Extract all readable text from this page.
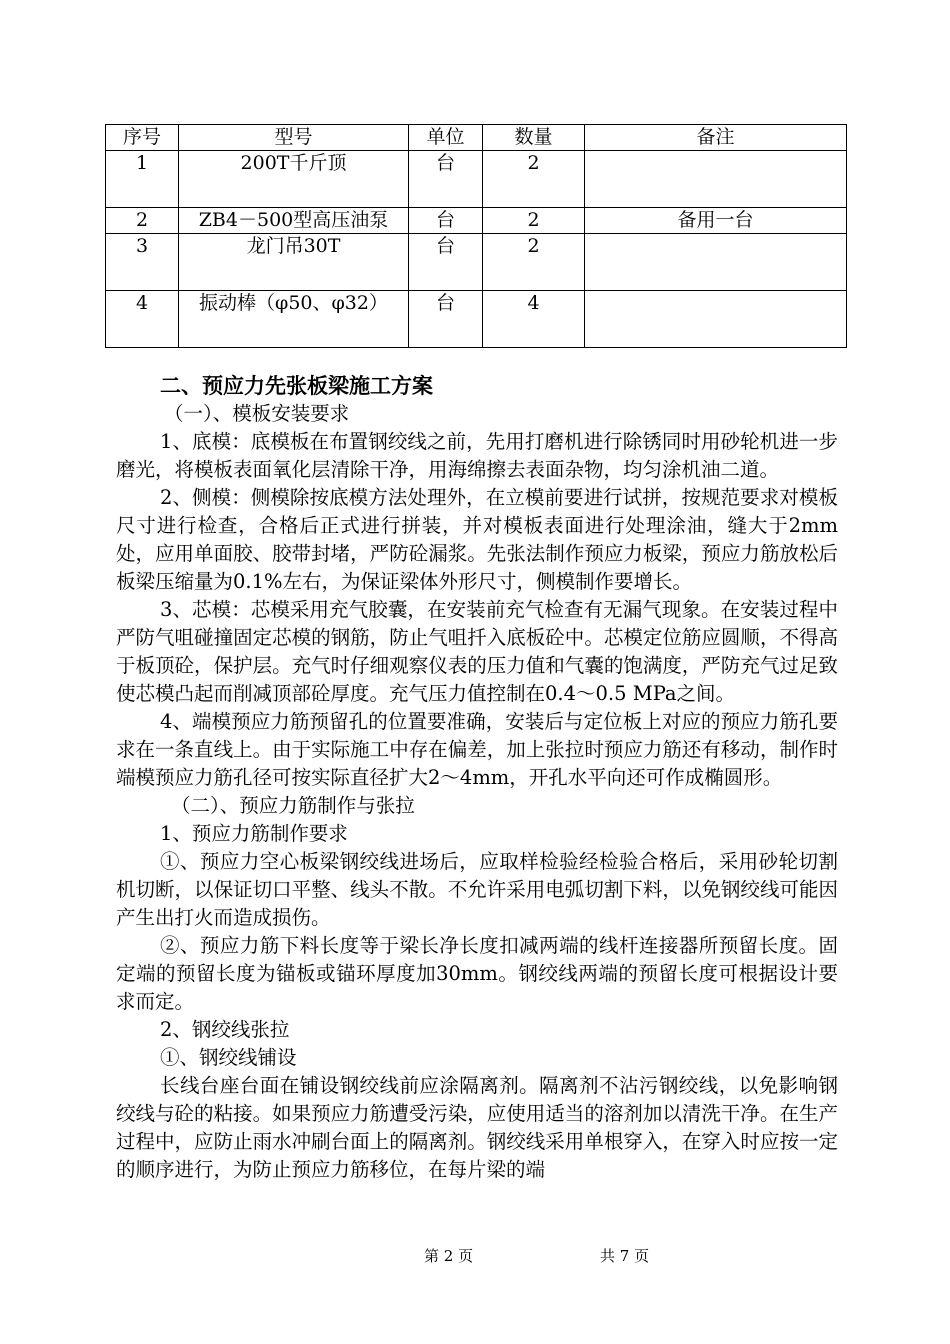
序号	型号	单位	数量	备注
1	200T千斤顶	台	2	
2	ZB4－500型高压油泵	台	2	备用一台
3	龙门吊30T	台	2	
4	振动棒（φ50、φ32）	台	4	

二、预应力先张板梁施工方案

（一）、模板安装要求

1、底模：底模板在布置钢绞线之前，先用打磨机进行除锈同时用砂轮机进一步磨光，将模板表面氧化层清除干净，用海绵擦去表面杂物，均匀涂机油二道。

2、侧模：侧模除按底模方法处理外，在立模前要进行试拼，按规范要求对模板尺寸进行检查，合格后正式进行拼装，并对模板表面进行处理涂油，缝大于2mm处，应用单面胶、胶带封堵，严防砼漏浆。先张法制作预应力板梁，预应力筋放松后板梁压缩量为0.1%左右，为保证梁体外形尺寸，侧模制作要增长。

3、芯模：芯模采用充气胶囊，在安装前充气检查有无漏气现象。在安装过程中严防气咀碰撞固定芯模的钢筋，防止气咀扦入底板砼中。芯模定位筋应圆顺，不得高于板顶砼，保护层。充气时仔细观察仪表的压力值和气囊的饱满度，严防充气过足致使芯模凸起而削减顶部砼厚度。充气压力值控制在0.4～0.5 MPa之间。

4、端模预应力筋预留孔的位置要准确，安装后与定位板上对应的预应力筋孔要求在一条直线上。由于实际施工中存在偏差，加上张拉时预应力筋还有移动，制作时端模预应力筋孔径可按实际直径扩大2～4mm，开孔水平向还可作成椭圆形。

（二）、预应力筋制作与张拉

1、预应力筋制作要求

①、预应力空心板梁钢绞线进场后，应取样检验经检验合格后，采用砂轮切割机切断，以保证切口平整、线头不散。不允许采用电弧切割下料，以免钢绞线可能因产生出打火而造成损伤。

②、预应力筋下料长度等于梁长净长度扣减两端的线杆连接器所预留长度。固定端的预留长度为锚板或锚环厚度加30mm。钢绞线两端的预留长度可根据设计要求而定。

2、钢绞线张拉

①、钢绞线铺设

长线台座台面在铺设钢绞线前应涂隔离剂。隔离剂不沾污钢绞线，以免影响钢绞线与砼的粘接。如果预应力筋遭受污染，应使用适当的溶剂加以清洗干净。在生产过程中，应防止雨水冲刷台面上的隔离剂。钢绞线采用单根穿入，在穿入时应按一定的顺序进行，为防止预应力筋移位，在每片梁的端

第 2 页	共 7 页
